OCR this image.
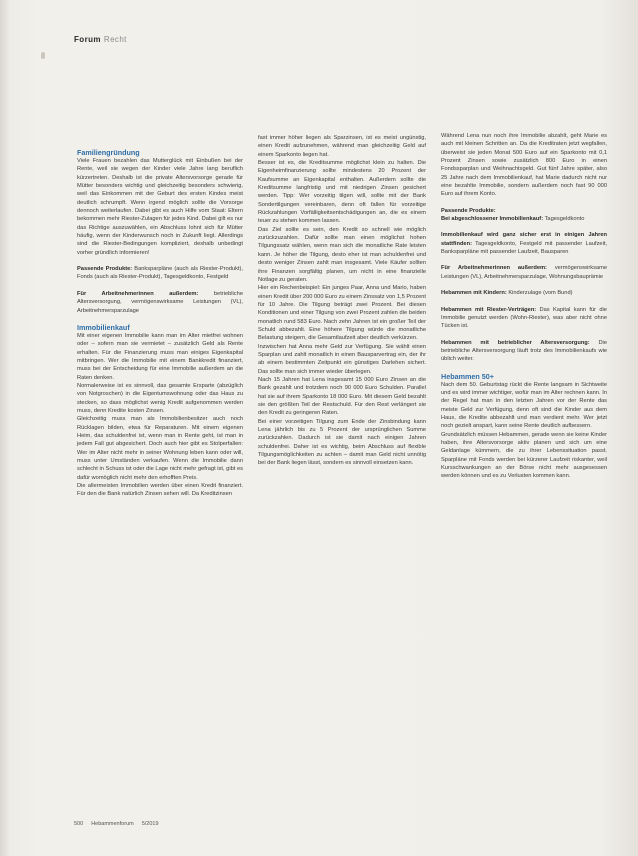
Forum Recht
Familiengründung

Viele Frauen bezahlen das Mutterglück mit Einbußen bei der Rente, weil sie wegen der Kinder viele Jahre lang beruflich kürzertreten. Deshalb ist die private Altersvorsorge gerade für Mütter besonders wichtig und gleichzeitig besonders schwierig, weil das Einkommen mit der Geburt des ersten Kindes meist deutlich schrumpft. Wenn irgend möglich sollte die Vorsorge dennoch weiterlaufen. Dabei gibt es auch Hilfe vom Staat: Eltern bekommen mehr Riester-Zulagen für jedes Kind. Dabei gilt es nur das Richtige auszuwählen, ein Abschluss lohnt sich für Mütter häufig, wenn der Kinderwunsch noch in Zukunft liegt. Allerdings sind die Riester-Bedingungen kompliziert, deshalb unbedingt vorher gründlich informieren!

Passende Produkte: Banksparpläne (auch als Riester-Produkt), Fonds (auch als Riester-Produkt), Tagesgeldkonto, Festgeld

Für Arbeitnehmerinnen außerdem:	betriebliche Altersversorgung, vermögenswirksame Leistungen (VL), Arbeitnehmersparzulage

Immobilienkauf

Mit einer eigenen Immobilie kann man im Alter mietfrei wohnen oder – sofern man sie vermietet – zusätzlich Geld als Rente erhalten. Für die Finanzierung muss man einiges Eigenkapital mitbringen. Wer die Immobilie mit einem Bankkredit finanziert, muss bei der Entscheidung für eine Immobilie außerdem an die Raten denken.

Normalerweise ist es sinnvoll, das gesamte Ersparte (abzüglich von Notgroschen) in die Eigentumswohnung oder das Haus zu stecken, so dass möglichst wenig Kredit aufgenommen werden muss, denn Kredite kosten Zinsen.

Gleichzeitig muss man als Immobilienbesitzer auch noch Rücklagen bilden, etwa für Reparaturen. Mit einem eigenen Heim, das schuldenfrei ist, wenn man in Rente geht, ist man in jedem Fall gut abgesichert. Doch auch hier gibt es Stolperfallen: Wer im Alter nicht mehr in seiner Wohnung leben kann oder will, muss unter Umständen verkaufen. Wenn die Immobilie dann schlecht in Schuss ist oder die Lage nicht mehr gefragt ist, gibt es dafür womöglich nicht mehr den erhofften Preis.

Die allermeisten Immobilien werden über einen Kredit finanziert. Für den die Bank natürlich Zinsen sehen will. Da Kreditzinsen

fast immer höher liegen als Sparzinsen, ist es meist ungünstig, einen Kredit aufzunehmen, während man gleichzeitig Geld auf einem Sparkonto liegen hat.

Besser ist es, die Kreditsumme möglichst klein zu halten. Die Eigenheimfinanzierung sollte mindestens 20 Prozent der Kaufsumme an Eigenkapital enthalten. Außerdem sollte die Kreditsumme langfristig und mit niedrigen Zinsen gesichert werden. Tipp: Wer vorzeitig tilgen will, sollte mit der Bank Sondertilgungen vereinbaren, denn oft fallen für vorzeitige Rückzahlungen Vorfälligkeitsentschädigungen an, die es einem teuer zu stehen kommen lassen.

Das Ziel sollte es sein, den Kredit so schnell wie möglich zurückzuzahlen. Dafür sollte man einen möglichst hohen Tilgungssatz wählen, wenn man sich die monatliche Rate leisten kann. Je höher die Tilgung, desto eher ist man schuldenfrei und desto weniger Zinsen zahlt man insgesamt. Viele Käufer sollten ihre Finanzen sorgfältig planen, um nicht in eine finanzielle Notlage zu geraten.

Hier ein Rechenbeispiel: Ein junges Paar, Anna und Mario, haben einen Kredit über 200 000 Euro zu einem Zinssatz von 1,5 Prozent für 10 Jahre. Die Tilgung beträgt zwei Prozent. Bei diesen Konditionen und einer Tilgung von zwei Prozent zahlen die beiden monatlich rund 583 Euro. Nach zehn Jahren ist ein großer Teil der Schuld abbezahlt. Eine höhere Tilgung würde die monatliche Belastung steigern, die Gesamtlaufzeit aber deutlich verkürzen.

Inzwischen hat Anna mehr Geld zur Verfügung. Sie wählt einen Sparplan und zahlt monatlich in einen Bausparvertrag ein, der ihr ab einem bestimmten Zeitpunkt ein günstiges Darlehen sichert. Das sollte man sich immer wieder überlegen.

Nach 15 Jahren hat Lena insgesamt 15 000 Euro Zinsen an die Bank gezahlt und trotzdem noch 90 000 Euro Schulden. Parallel hat sie auf ihrem Sparkonto 18 000 Euro. Mit diesem Geld bezahlt sie den größten Teil der Restschuld. Für den Rest verlängert sie den Kredit zu geringeren Raten.

Bei einer vorzeitigen Tilgung zum Ende der Zinsbindung kann Lena jährlich bis zu 5 Prozent der ursprünglichen Summe zurückzahlen. Dadurch ist sie damit nach einigen Jahren schuldenfrei. Daher ist es wichtig, beim Abschluss auf flexible Tilgungsmöglichkeiten zu achten – damit man Geld nicht unnötig bei der Bank liegen lässt, sondern es sinnvoll einsetzen kann.

Während Lena nun noch ihre Immobilie abzahlt, geht Marie es auch mit kleinen Schritten an. Da die Kreditraten jetzt wegfallen, überweist sie jeden Monat 500 Euro auf ein Sparkonto mit 0,1 Prozent Zinsen sowie zusätzlich 800 Euro in einen Fondssparplan und Weihnachtsgeld. Gut fünf Jahre später, also 25 Jahre nach dem Immobilienkauf, hat Marie dadurch nicht nur eine bezahlte Immobilie, sondern außerdem noch fast 90 000 Euro auf ihrem Konto.

Passende Produkte:

Bei abgeschlossener Immobilienkauf: Tagesgeldkonto

Immobilienkauf wird ganz sicher erst in einigen Jahren stattfinden: Tagesgeldkonto, Festgeld mit passender Laufzeit, Banksparpläne mit passender Laufzeit, Bausparen

Für Arbeitnehmerinnen außerdem: vermögenswirksame Leistungen (VL), Arbeitnehmersparzulage, Wohnungsbauprämie

Hebammen mit Kindern: Kinderzulage (vom Bund)

Hebammen mit Riester-Verträgen: Das Kapital kann für die Immobilie genutzt werden (Wohn-Riester), was aber nicht ohne Tücken ist.

Hebammen mit betrieblicher Altersversorgung: Die betriebliche Altersversorgung läuft trotz des Immobilienkaufs wie üblich weiter.

Hebammen 50+

Nach dem 50. Geburtstag rückt die Rente langsam in Sichtweite und es wird immer wichtiger, wofür man im Alter rechnen kann. In der Regel hat man in den letzten Jahren vor der Rente das meiste Geld zur Verfügung, denn oft sind die Kinder aus dem Haus, die Kredite abbezahlt und man verdient mehr. Wer jetzt noch gezielt anspart, kann seine Rente deutlich aufbessern.

Grundsätzlich müssen Hebammen, gerade wenn sie keine Kinder haben, ihre Altersvorsorge aktiv planen und sich um eine Geldanlage kümmern, die zu ihrer Lebenssituation passt. Sparpläne mit Fonds werden bei kürzerer Laufzeit riskanter, weil Kursschwankungen an der Börse nicht mehr ausgesessen werden können und es zu Verlusten kommen kann.

500 Hebammenforum 5/2019
